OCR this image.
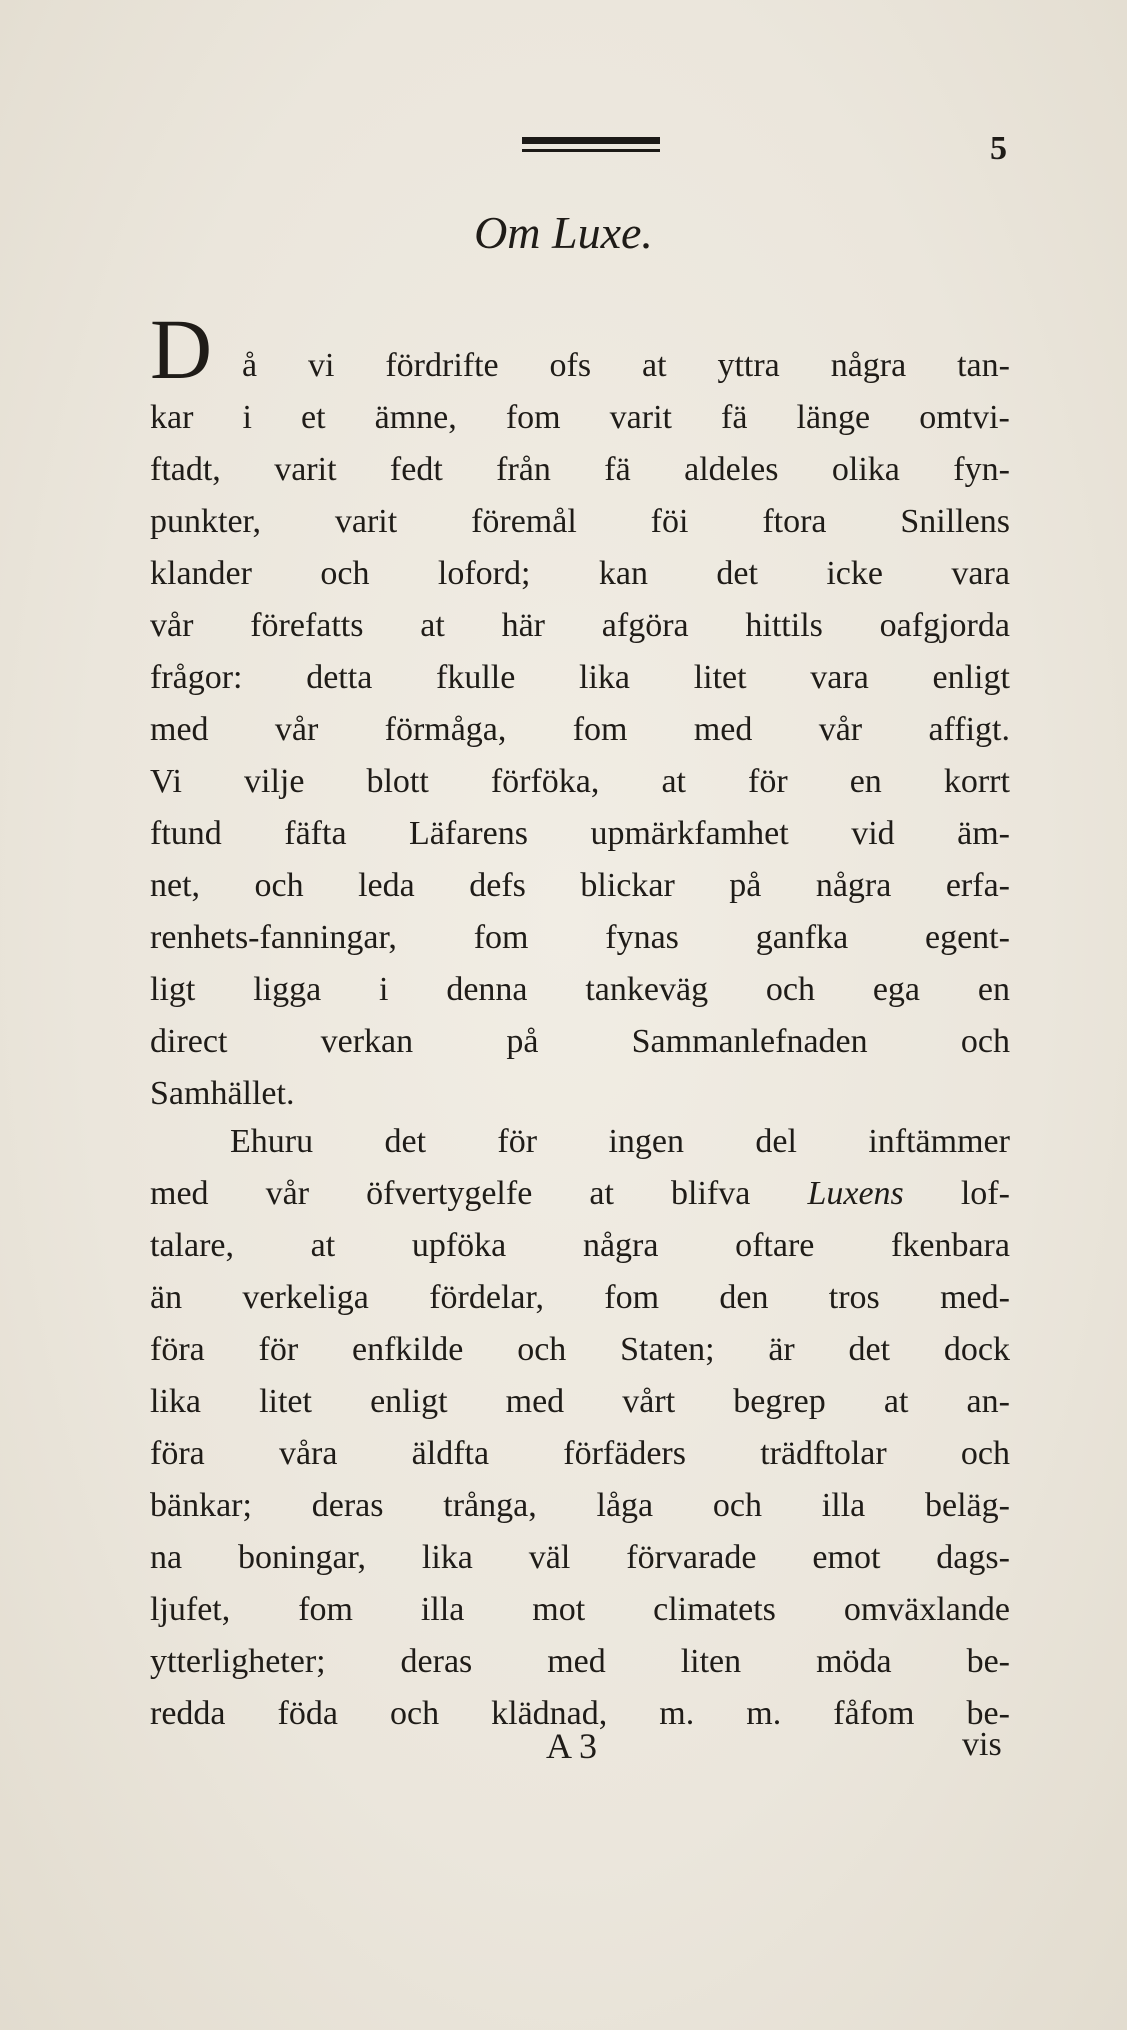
5
Om Luxe.
D å vi fördrifte ofs at yttra några tan-
kar i et ämne, fom varit fä länge omtvi-
ftadt, varit fedt från fä aldeles olika fyn-
punkter, varit föremål föi ftora Snillens
klander och loford; kan det icke vara
vår förefatts at här afgöra hittils oafgjorda
frågor: detta fkulle lika litet vara enligt
med vår förmåga, fom med vår affigt.
Vi vilje blott förföka, at för en korrt
ftund fäfta Läfarens upmärkfamhet vid äm-
net, och leda defs blickar på några erfa-
renhets-fanningar, fom fynas ganfka egent-
ligt ligga i denna tankeväg och ega en
direct	verkan	på	Sammanlefnaden	och
Samhället.
Ehuru det för ingen del inftämmer
med vår öfvertygelfe at blifva Luxens lof-
talare, at upföka några oftare fkenbara
än verkeliga fördelar, fom den tros med-
föra för enfkilde och Staten; är det dock
lika litet enligt med vårt begrep at an-
föra våra äldfta förfäders trädftolar och
bänkar; deras trånga, låga och illa beläg-
na boningar, lika väl förvarade emot dags-
ljufet, fom illa mot climatets omväxlande
ytterligheter; deras med liten möda be-
redda föda och klädnad, m. m. fåfom be-
A 3	vis
